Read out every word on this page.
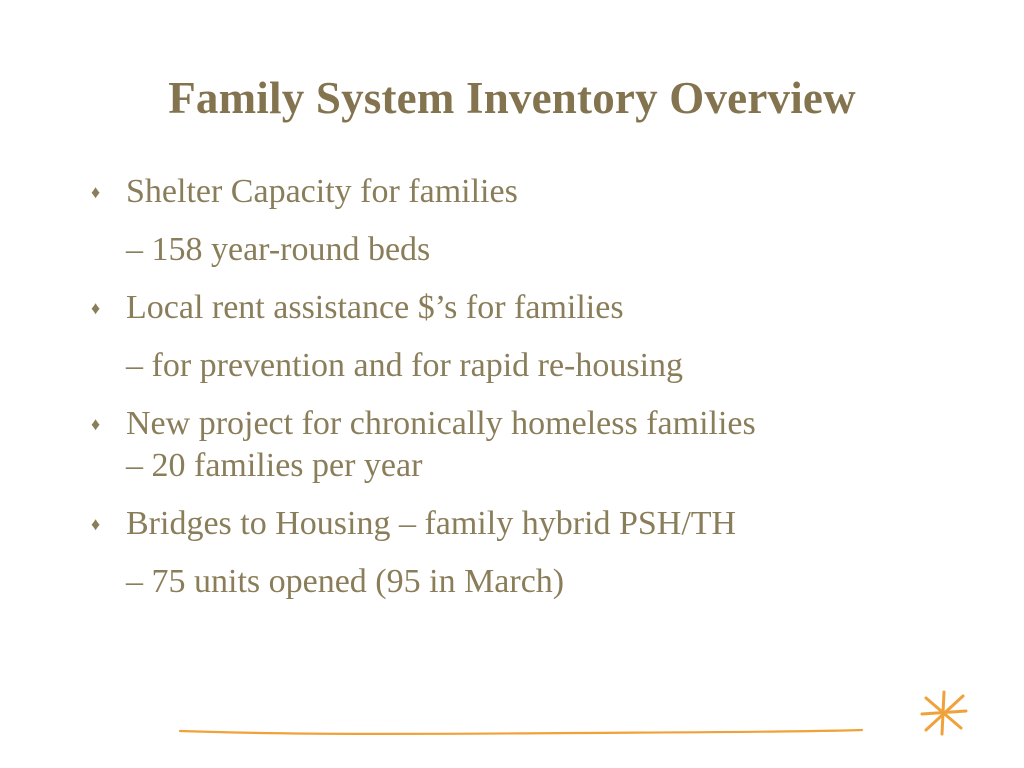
Family System Inventory Overview
♦ Shelter Capacity for families
– 158 year-round beds
♦ Local rent assistance $’s for families
– for prevention and for rapid re-housing
♦ New project for chronically homeless families
– 20 families per year
♦ Bridges to Housing – family hybrid PSH/TH
– 75 units opened (95 in March)
